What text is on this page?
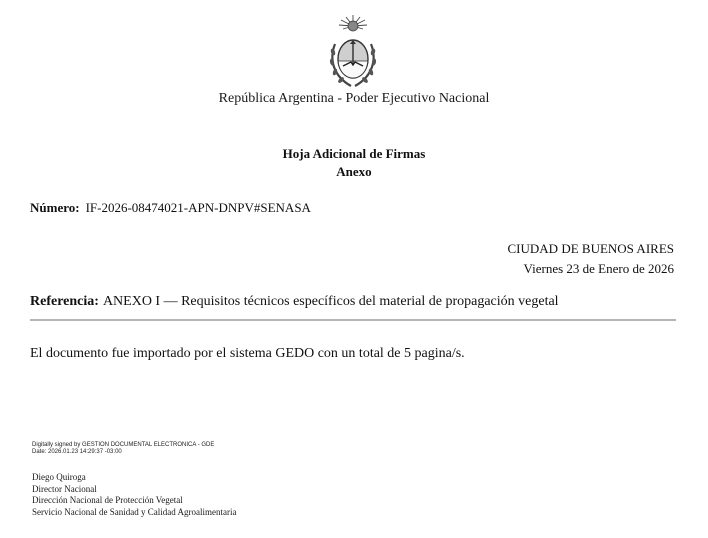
República Argentina - Poder Ejecutivo Nacional
Hoja Adicional de Firmas
Anexo
Número: IF-2026-08474021-APN-DNPV#SENASA
CIUDAD DE BUENOS AIRES
Viernes 23 de Enero de 2026
Referencia: ANEXO I — Requisitos técnicos específicos del material de propagación vegetal
El documento fue importado por el sistema GEDO con un total de 5 pagina/s.
Digitally signed by GESTION DOCUMENTAL ELECTRONICA - GDE
Date: 2026.01.23 14:29:37 -03:00
Diego Quiroga
Director Nacional
Dirección Nacional de Protección Vegetal
Servicio Nacional de Sanidad y Calidad Agroalimentaria
